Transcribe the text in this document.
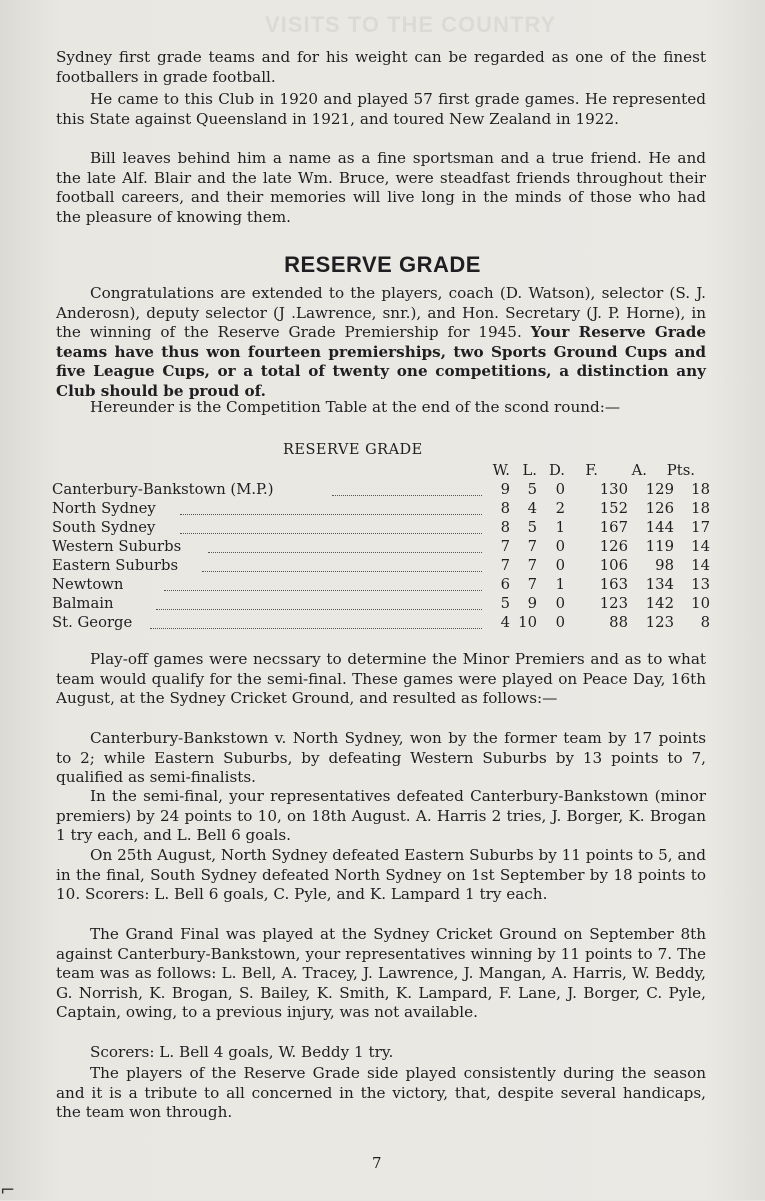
VISITS TO THE COUNTRY
Sydney first grade teams and for his weight can be regarded as one of the finest footballers in grade football.
He came to this Club in 1920 and played 57 first grade games. He represented this State against Queensland in 1921, and toured New Zealand in 1922.
Bill leaves behind him a name as a fine sportsman and a true friend. He and the late Alf. Blair and the late Wm. Bruce, were steadfast friends throughout their football careers, and their memories will live long in the minds of those who had the pleasure of knowing them.
RESERVE GRADE
Congratulations are extended to the players, coach (D. Watson), selector (S. J. Anderosn), deputy selector (J .Lawrence, snr.), and Hon. Secretary (J. P. Horne), in the winning of the Reserve Grade Premiership for 1945. Your Reserve Grade teams have thus won fourteen premierships, two Sports Ground Cups and five League Cups, or a total of twenty one competitions, a distinction any Club should be proud of.
Hereunder is the Competition Table at the end of the scond round:—
RESERVE GRADE
W. L. D.	F.	A.	Pts.
Canterbury-Bankstown (M.P.)	9	5	0	130	129	18
North Sydney	8	4	2	152	126	18
South Sydney	8	5	1	167	144	17
Western Suburbs	7	7	0	126	119	14
Eastern Suburbs	7	7	0	106	98	14
Newtown	6	7	1	163	134	13
Balmain	5	9	0	123	142	10
St. George	4 10	0	88	123	8
Play-off games were necssary to determine the Minor Premiers and as to what team would qualify for the semi-final. These games were played on Peace Day, 16th August, at the Sydney Cricket Ground, and resulted as follows:—
Canterbury-Bankstown v. North Sydney, won by the former team by 17 points to 2; while Eastern Suburbs, by defeating Western Suburbs by 13 points to 7, qualified as semi-finalists.
In the semi-final, your representatives defeated Canterbury-Bankstown (minor premiers) by 24 points to 10, on 18th August. A. Harris 2 tries, J. Borger, K. Brogan 1 try each, and L. Bell 6 goals.
On 25th August, North Sydney defeated Eastern Suburbs by 11 points to 5, and in the final, South Sydney defeated North Sydney on 1st September by 18 points to 10. Scorers: L. Bell 6 goals, C. Pyle, and K. Lampard 1 try each.
The Grand Final was played at the Sydney Cricket Ground on September 8th against Canterbury-Bankstown, your representatives winning by 11 points to 7. The team was as follows: L. Bell, A. Tracey, J. Lawrence, J. Mangan, A. Harris, W. Beddy, G. Norrish, K. Brogan, S. Bailey, K. Smith, K. Lampard, F. Lane, J. Borger, C. Pyle, Captain, owing, to a previous injury, was not available.
Scorers: L. Bell 4 goals, W. Beddy 1 try.
The players of the Reserve Grade side played consistently during the season and it is a tribute to all concerned in the victory, that, despite several handicaps, the team won through.
7
⌐
